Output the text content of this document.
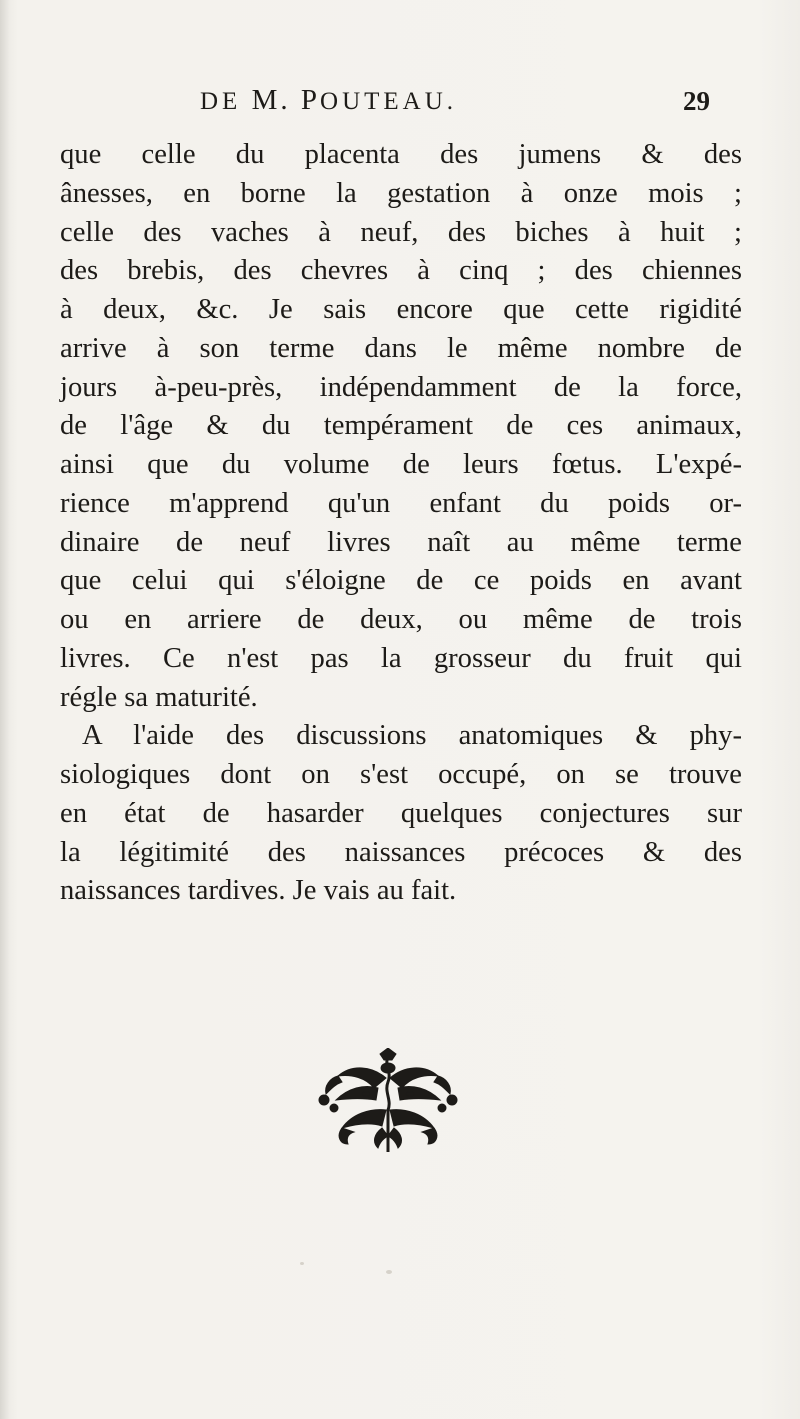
DE M. POUTEAU.	29
que celle du placenta des jumens & des
ânesses, en borne la gestation à onze mois ;
celle des vaches à neuf, des biches à huit ;
des brebis, des chevres à cinq ; des chiennes
à deux, &c. Je sais encore que cette rigidité
arrive à son terme dans le même nombre de
jours à-peu-près, indépendamment de la force,
de l'âge & du tempérament de ces animaux,
ainsi que du volume de leurs fœtus. L'expé-
rience m'apprend qu'un enfant du poids or-
dinaire de neuf livres naît au même terme
que celui qui s'éloigne de ce poids en avant
ou en arriere de deux, ou même de trois
livres. Ce n'est pas la grosseur du fruit qui
régle sa maturité.
A l'aide des discussions anatomiques & phy-
siologiques dont on s'est occupé, on se trouve
en état de hasarder quelques conjectures sur
la légitimité des naissances précoces & des
naissances tardives. Je vais au fait.
